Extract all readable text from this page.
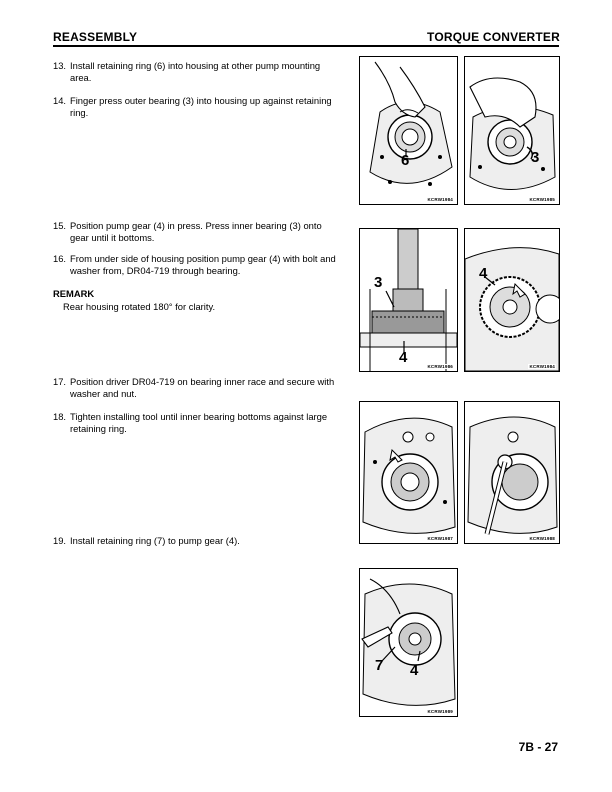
REASSEMBLY	TORQUE CONVERTER
13. Install retaining ring (6) into housing at other pump mounting area.
14. Finger press outer bearing (3) into housing up against retaining ring.
15. Position pump gear (4) in press. Press inner bearing (3) onto gear until it bottoms.
16. From under side of housing position pump gear (4) with bolt and washer from, DR04-719 through bearing.
REMARK
Rear housing rotated 180° for clarity.
17. Position driver DR04-719 on bearing inner race and secure with washer and nut.
18. Tighten installing tool until inner bearing bottoms against large retaining ring.
19. Install retaining ring (7) to pump gear (4).
6
KCRW1984
3
KCRW1985
3
4
KCRW1986
4
KCRW1984
KCRW1987	KCRW1988
7 4
KCRW1989
7B - 27
